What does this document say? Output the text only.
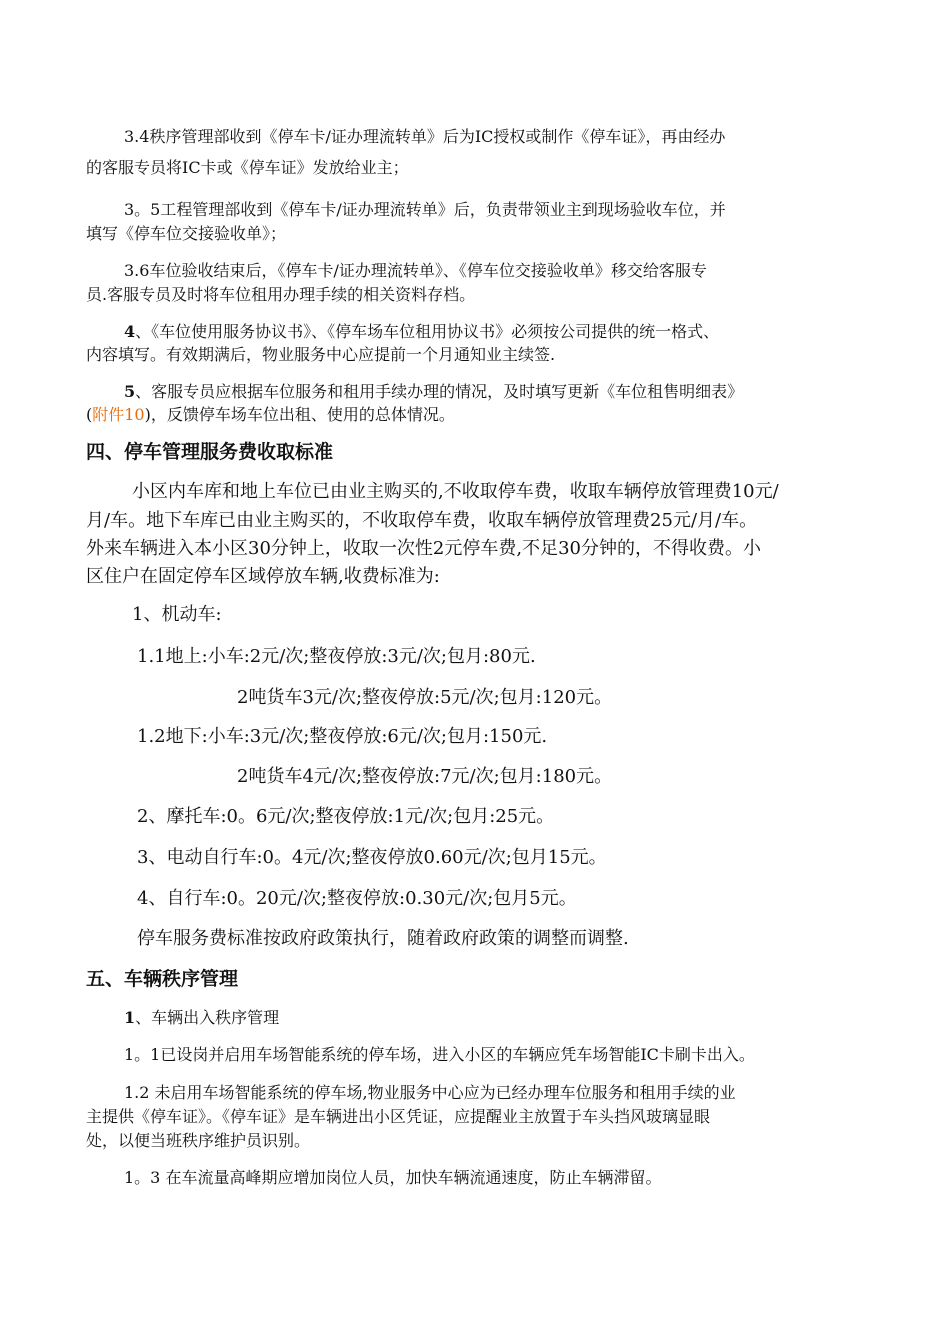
3.4秩序管理部收到《停车卡/证办理流转单》后为IC授权或制作《停车证》，再由经办
的客服专员将IC卡或《停车证》发放给业主；
3。5工程管理部收到《停车卡/证办理流转单》后，负责带领业主到现场验收车位，并
填写《停车位交接验收单》；
3.6车位验收结束后，《停车卡/证办理流转单》、《停车位交接验收单》移交给客服专
员.客服专员及时将车位租用办理手续的相关资料存档。
4、《车位使用服务协议书》、《停车场车位租用协议书》必须按公司提供的统一格式、
内容填写。有效期满后，物业服务中心应提前一个月通知业主续签.
5、客服专员应根据车位服务和租用手续办理的情况，及时填写更新《车位租售明细表》
(附件10)，反馈停车场车位出租、使用的总体情况。
四、停车管理服务费收取标准
小区内车库和地上车位已由业主购买的,不收取停车费，收取车辆停放管理费10元/
月/车。地下车库已由业主购买的，不收取停车费，收取车辆停放管理费25元/月/车。
外来车辆进入本小区30分钟上，收取一次性2元停车费,不足30分钟的，不得收费。小
区住户在固定停车区域停放车辆,收费标准为:
1、机动车:
1.1地上:小车:2元/次;整夜停放:3元/次;包月:80元.
2吨货车3元/次;整夜停放:5元/次;包月:120元。
1.2地下:小车:3元/次;整夜停放:6元/次;包月:150元.
2吨货车4元/次;整夜停放:7元/次;包月:180元。
2、摩托车:0。6元/次;整夜停放:1元/次;包月:25元。
3、电动自行车:0。4元/次;整夜停放0.60元/次;包月15元。
4、自行车:0。20元/次;整夜停放:0.30元/次;包月5元。
停车服务费标准按政府政策执行，随着政府政策的调整而调整.
五、车辆秩序管理
1、车辆出入秩序管理
1。1已设岗并启用车场智能系统的停车场，进入小区的车辆应凭车场智能IC卡刷卡出入。
1.2 未启用车场智能系统的停车场,物业服务中心应为已经办理车位服务和租用手续的业
主提供《停车证》。《停车证》是车辆进出小区凭证，应提醒业主放置于车头挡风玻璃显眼
处，以便当班秩序维护员识别。
1。3 在车流量高峰期应增加岗位人员，加快车辆流通速度，防止车辆滞留。
